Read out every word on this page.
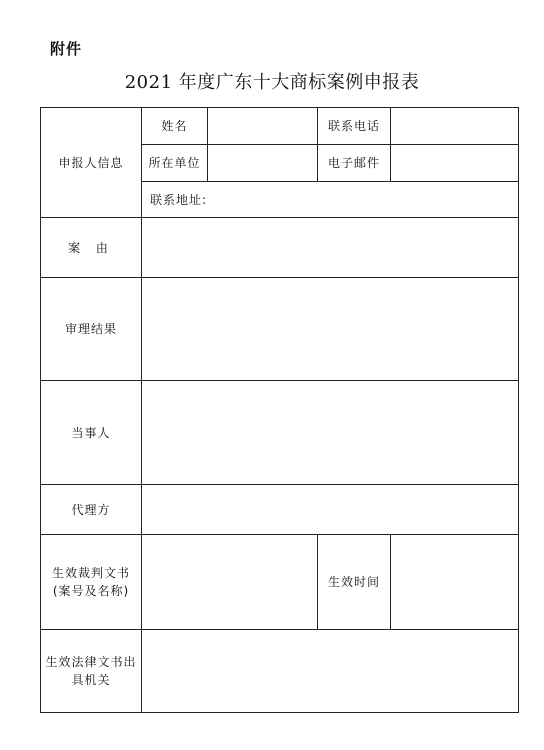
附件
2021 年度广东十大商标案例申报表
申报人信息	姓名		联系电话	
	所在单位		电子邮件	
	联系地址:			
案 由				
审理结果				
当事人				
代理方				

生效裁判文书
(案号及名称)			生效时间	

生效法律文书出
具机关				
